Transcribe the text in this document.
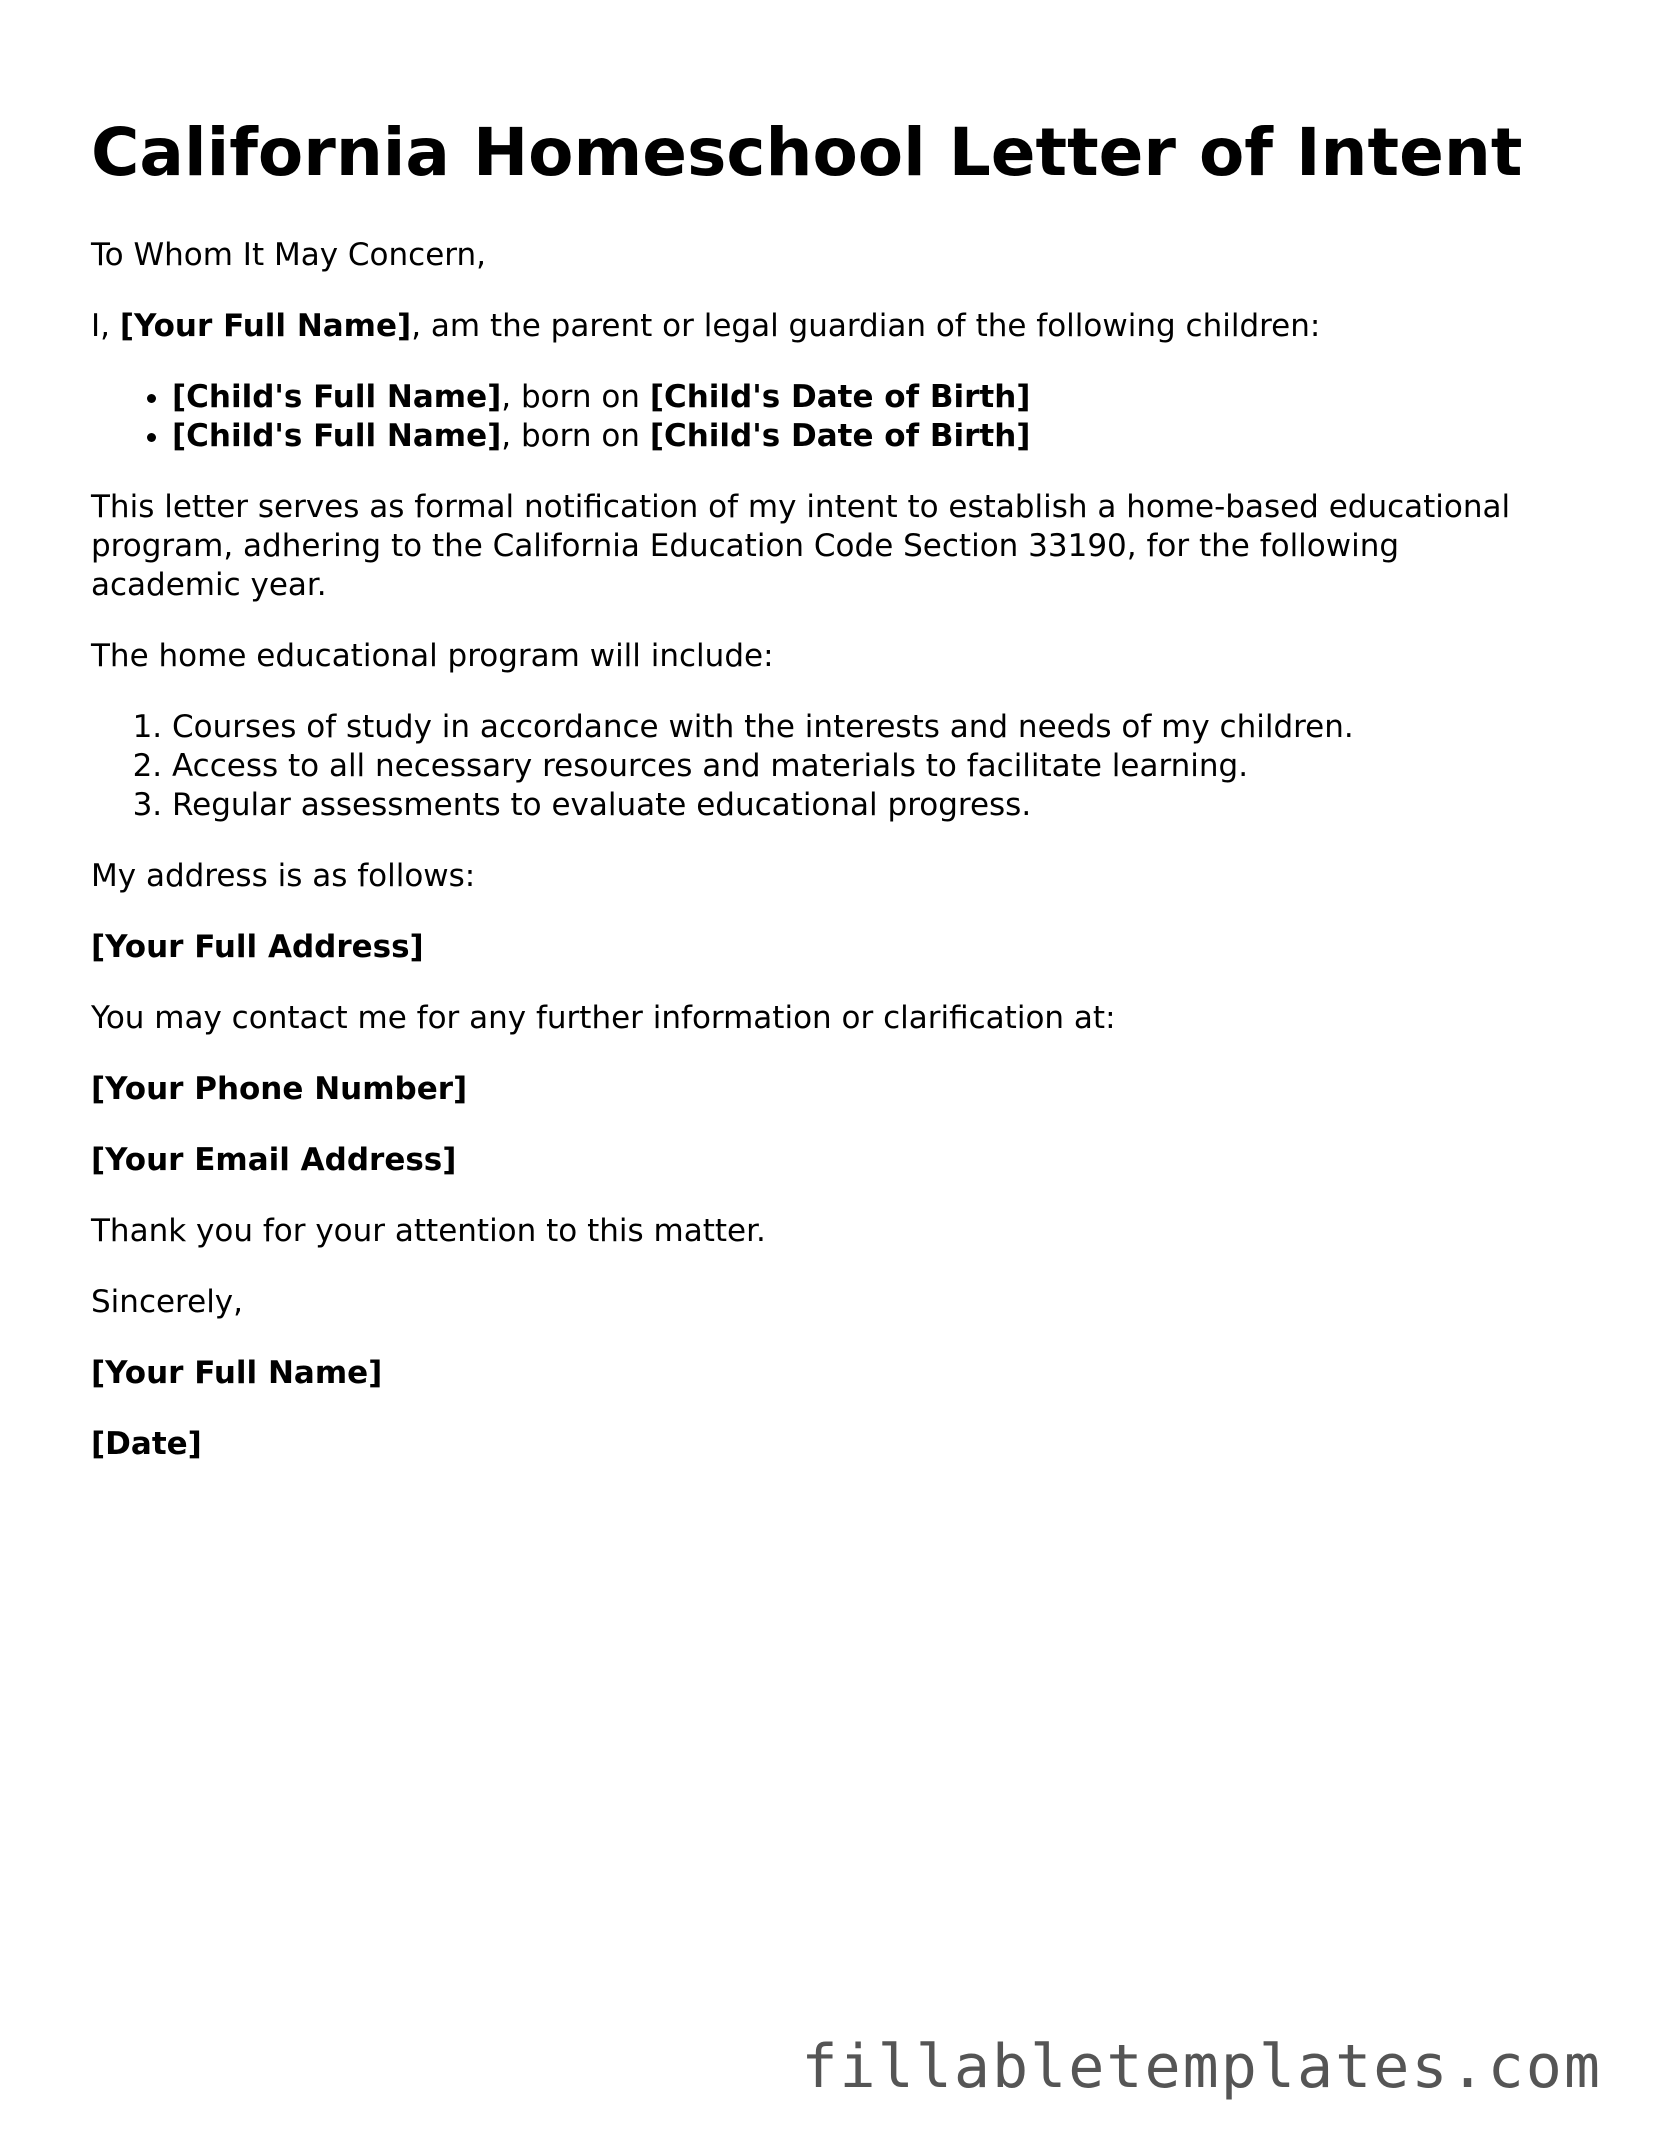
California Homeschool Letter of Intent

To Whom It May Concern,

I, [Your Full Name], am the parent or legal guardian of the following children:

• [Child's Full Name], born on [Child's Date of Birth]
• [Child's Full Name], born on [Child's Date of Birth]

This letter serves as formal notification of my intent to establish a home-based educational program, adhering to the California Education Code Section 33190, for the following academic year.

The home educational program will include:

1. Courses of study in accordance with the interests and needs of my children.
2. Access to all necessary resources and materials to facilitate learning.
3. Regular assessments to evaluate educational progress.

My address is as follows:

[Your Full Address]

You may contact me for any further information or clarification at:

[Your Phone Number]

[Your Email Address]

Thank you for your attention to this matter.

Sincerely,

[Your Full Name]

[Date]

fillabletemplates.com
